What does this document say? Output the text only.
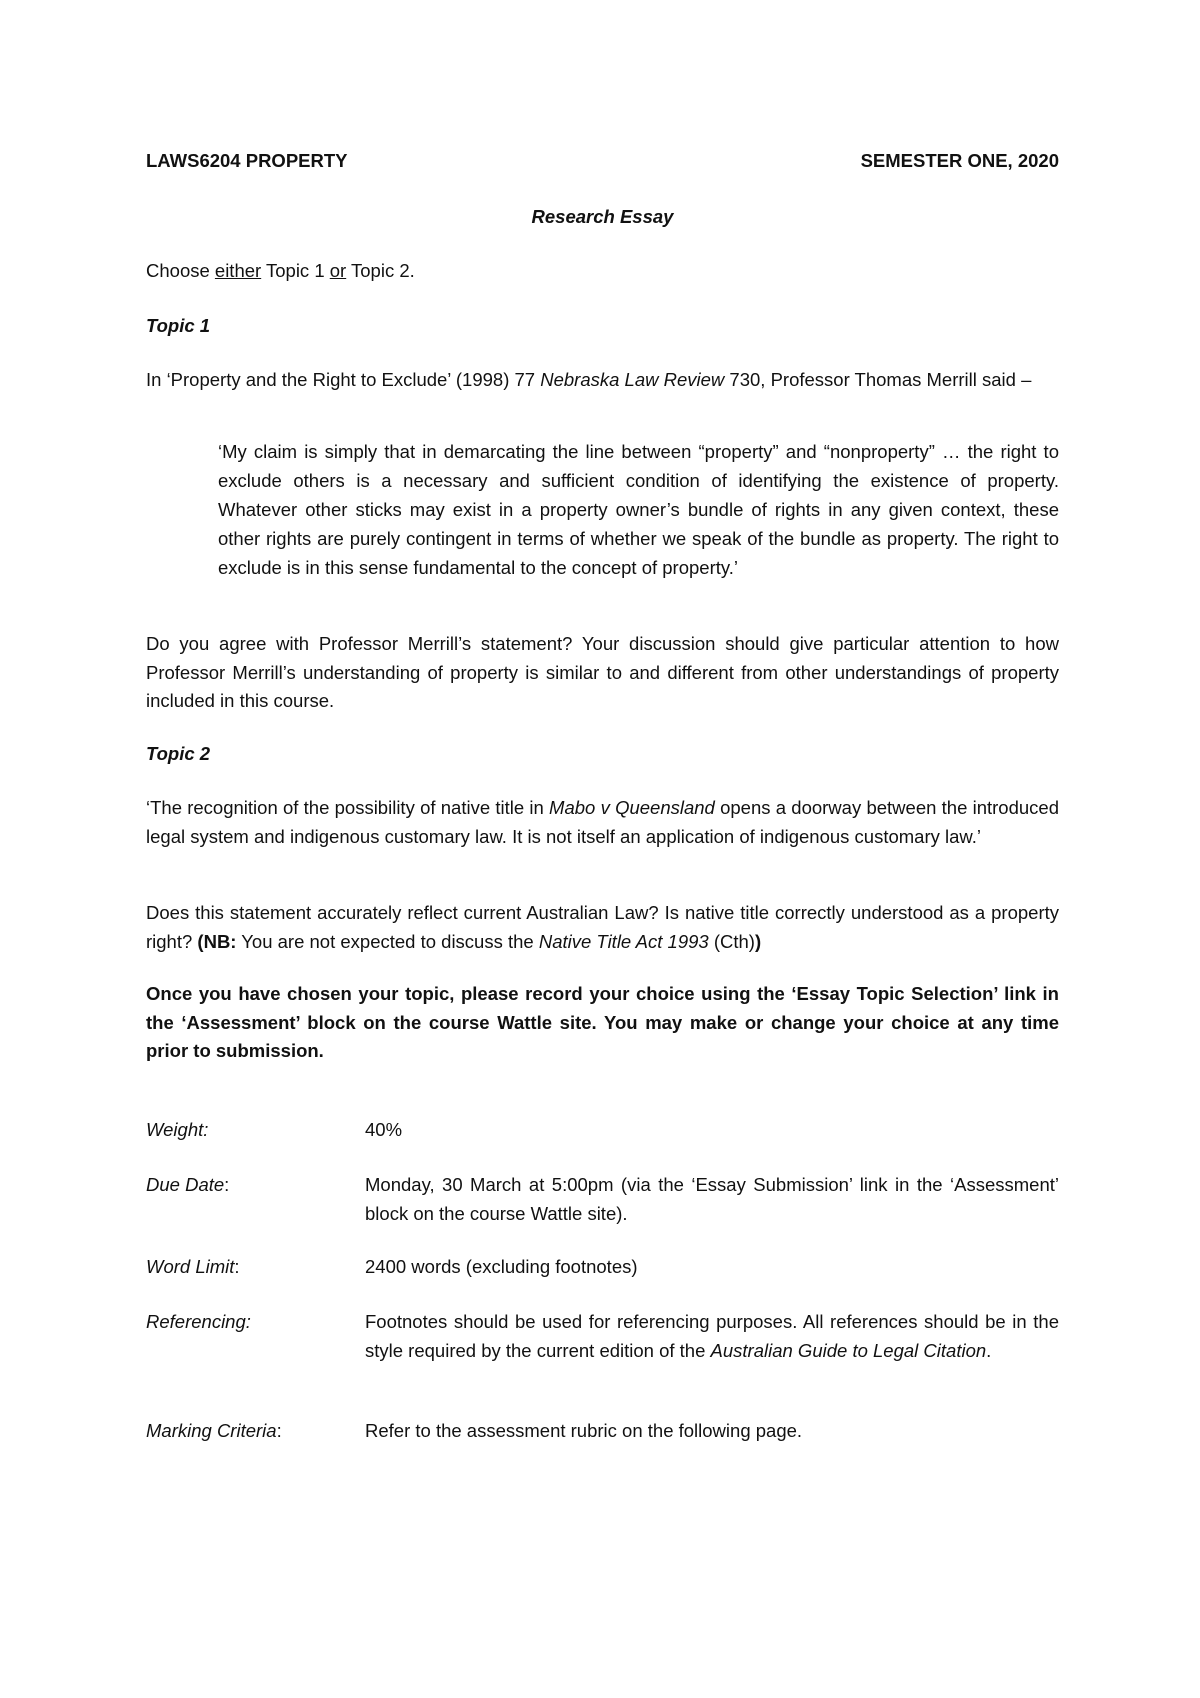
LAWS6204 PROPERTY	SEMESTER ONE, 2020
Research Essay
Choose either Topic 1 or Topic 2.
Topic 1
In ‘Property and the Right to Exclude’ (1998) 77 Nebraska Law Review 730, Professor Thomas Merrill said –
‘My claim is simply that in demarcating the line between “property” and “nonproperty” … the right to exclude others is a necessary and sufficient condition of identifying the existence of property. Whatever other sticks may exist in a property owner’s bundle of rights in any given context, these other rights are purely contingent in terms of whether we speak of the bundle as property. The right to exclude is in this sense fundamental to the concept of property.’
Do you agree with Professor Merrill’s statement? Your discussion should give particular attention to how Professor Merrill’s understanding of property is similar to and different from other understandings of property included in this course.
Topic 2
‘The recognition of the possibility of native title in Mabo v Queensland opens a doorway between the introduced legal system and indigenous customary law. It is not itself an application of indigenous customary law.’
Does this statement accurately reflect current Australian Law? Is native title correctly understood as a property right? (NB: You are not expected to discuss the Native Title Act 1993 (Cth))
Once you have chosen your topic, please record your choice using the ‘Essay Topic Selection’ link in the ‘Assessment’ block on the course Wattle site. You may make or change your choice at any time prior to submission.
Weight:	40%
Due Date:	Monday, 30 March at 5:00pm (via the ‘Essay Submission’ link in the ‘Assessment’ block on the course Wattle site).
Word Limit:	2400 words (excluding footnotes)
Referencing:	Footnotes should be used for referencing purposes. All references should be in the style required by the current edition of the Australian Guide to Legal Citation.
Marking Criteria:	Refer to the assessment rubric on the following page.
